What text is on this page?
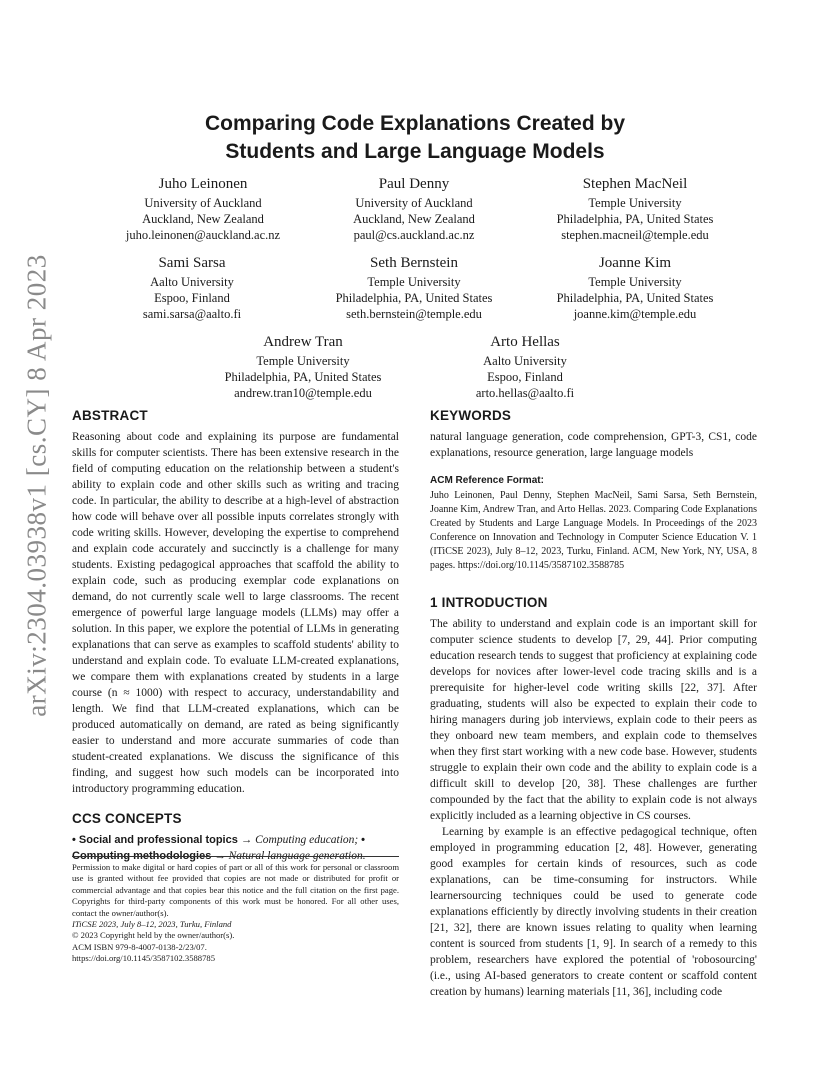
arXiv:2304.03938v1 [cs.CY] 8 Apr 2023
Comparing Code Explanations Created by
Students and Large Language Models
Juho Leinonen
University of Auckland
Auckland, New Zealand
juho.leinonen@auckland.ac.nz
Paul Denny
University of Auckland
Auckland, New Zealand
paul@cs.auckland.ac.nz
Stephen MacNeil
Temple University
Philadelphia, PA, United States
stephen.macneil@temple.edu
Sami Sarsa
Aalto University
Espoo, Finland
sami.sarsa@aalto.fi
Seth Bernstein
Temple University
Philadelphia, PA, United States
seth.bernstein@temple.edu
Joanne Kim
Temple University
Philadelphia, PA, United States
joanne.kim@temple.edu
Andrew Tran
Temple University
Philadelphia, PA, United States
andrew.tran10@temple.edu
Arto Hellas
Aalto University
Espoo, Finland
arto.hellas@aalto.fi
ABSTRACT

Reasoning about code and explaining its purpose are fundamental skills for computer scientists. There has been extensive research in the field of computing education on the relationship between a student's ability to explain code and other skills such as writing and tracing code. In particular, the ability to describe at a high-level of abstraction how code will behave over all possible inputs correlates strongly with code writing skills. However, developing the expertise to comprehend and explain code accurately and succinctly is a challenge for many students. Existing pedagogical approaches that scaffold the ability to explain code, such as producing exemplar code explanations on demand, do not currently scale well to large classrooms. The recent emergence of powerful large language models (LLMs) may offer a solution. In this paper, we explore the potential of LLMs in generating explanations that can serve as examples to scaffold students' ability to understand and explain code. To evaluate LLM-created explanations, we compare them with explanations created by students in a large course (n ≈ 1000) with respect to accuracy, understandability and length. We find that LLM-created explanations, which can be produced automatically on demand, are rated as being significantly easier to understand and more accurate summaries of code than student-created explanations. We discuss the significance of this finding, and suggest how such models can be incorporated into introductory programming education.

CCS CONCEPTS

• Social and professional topics → Computing education; • Computing methodologies → Natural language generation.

Permission to make digital or hard copies of part or all of this work for personal or classroom use is granted without fee provided that copies are not made or distributed for profit or commercial advantage and that copies bear this notice and the full citation on the first page. Copyrights for third-party components of this work must be honored. For all other uses, contact the owner/author(s).

ITiCSE 2023, July 8–12, 2023, Turku, Finland

© 2023 Copyright held by the owner/author(s).

ACM ISBN 979-8-4007-0138-2/23/07.

https://doi.org/10.1145/3587102.3588785

KEYWORDS

natural language generation, code comprehension, GPT-3, CS1, code explanations, resource generation, large language models

ACM Reference Format:

Juho Leinonen, Paul Denny, Stephen MacNeil, Sami Sarsa, Seth Bernstein, Joanne Kim, Andrew Tran, and Arto Hellas. 2023. Comparing Code Explanations Created by Students and Large Language Models. In Proceedings of the 2023 Conference on Innovation and Technology in Computer Science Education V. 1 (ITiCSE 2023), July 8–12, 2023, Turku, Finland. ACM, New York, NY, USA, 8 pages. https://doi.org/10.1145/3587102.3588785

1 INTRODUCTION

The ability to understand and explain code is an important skill for computer science students to develop [7, 29, 44]. Prior computing education research tends to suggest that proficiency at explaining code develops for novices after lower-level code tracing skills and is a prerequisite for higher-level code writing skills [22, 37]. After graduating, students will also be expected to explain their code to hiring managers during job interviews, explain code to their peers as they onboard new team members, and explain code to themselves when they first start working with a new code base. However, students struggle to explain their own code and the ability to explain code is a difficult skill to develop [20, 38]. These challenges are further compounded by the fact that the ability to explain code is not always explicitly included as a learning objective in CS courses.

Learning by example is an effective pedagogical technique, often employed in programming education [2, 48]. However, generating good examples for certain kinds of resources, such as code explanations, can be time-consuming for instructors. While learnersourcing techniques could be used to generate code explanations efficiently by directly involving students in their creation [21, 32], there are known issues relating to quality when learning content is sourced from students [1, 9]. In search of a remedy to this problem, researchers have explored the potential of 'robosourcing' (i.e., using AI-based generators to create content or scaffold content creation by humans) learning materials [11, 36], including code
